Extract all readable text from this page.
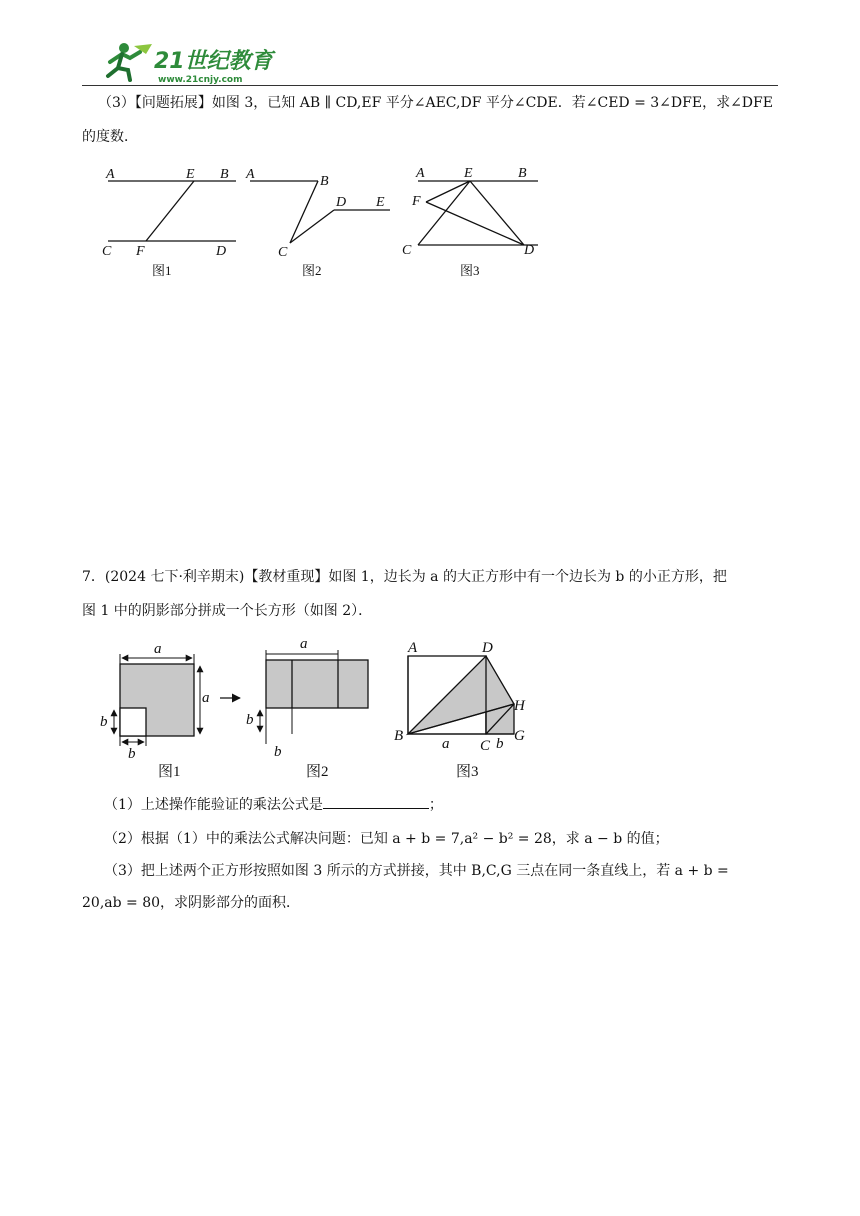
21世纪教育
www.21cnjy.com
（3）【问题拓展】如图 3，已知 AB ∥ CD,EF 平分∠AEC,DF 平分∠CDE．若∠CED = 3∠DFE，求∠DFE
的度数．
A	E B
C F	D
图1
A	B
D E
C
图2
A	E	B
F
C	D
图3
7．(2024 七下·利辛期末)【教材重现】如图 1，边长为 a 的大正方形中有一个边长为 b 的小正方形，把
图 1 中的阴影部分拼成一个长方形（如图 2）．
a
a
b
b
图1
a
b
b
图2
A	D
H
B	a C b G
图3
（1）上述操作能验证的乘法公式是	；
（2）根据（1）中的乘法公式解决问题：已知 a + b = 7,a² − b² = 28，求 a − b 的值；
（3）把上述两个正方形按照如图 3 所示的方式拼接，其中 B,C,G 三点在同一条直线上，若 a + b =
20,ab = 80，求阴影部分的面积．
